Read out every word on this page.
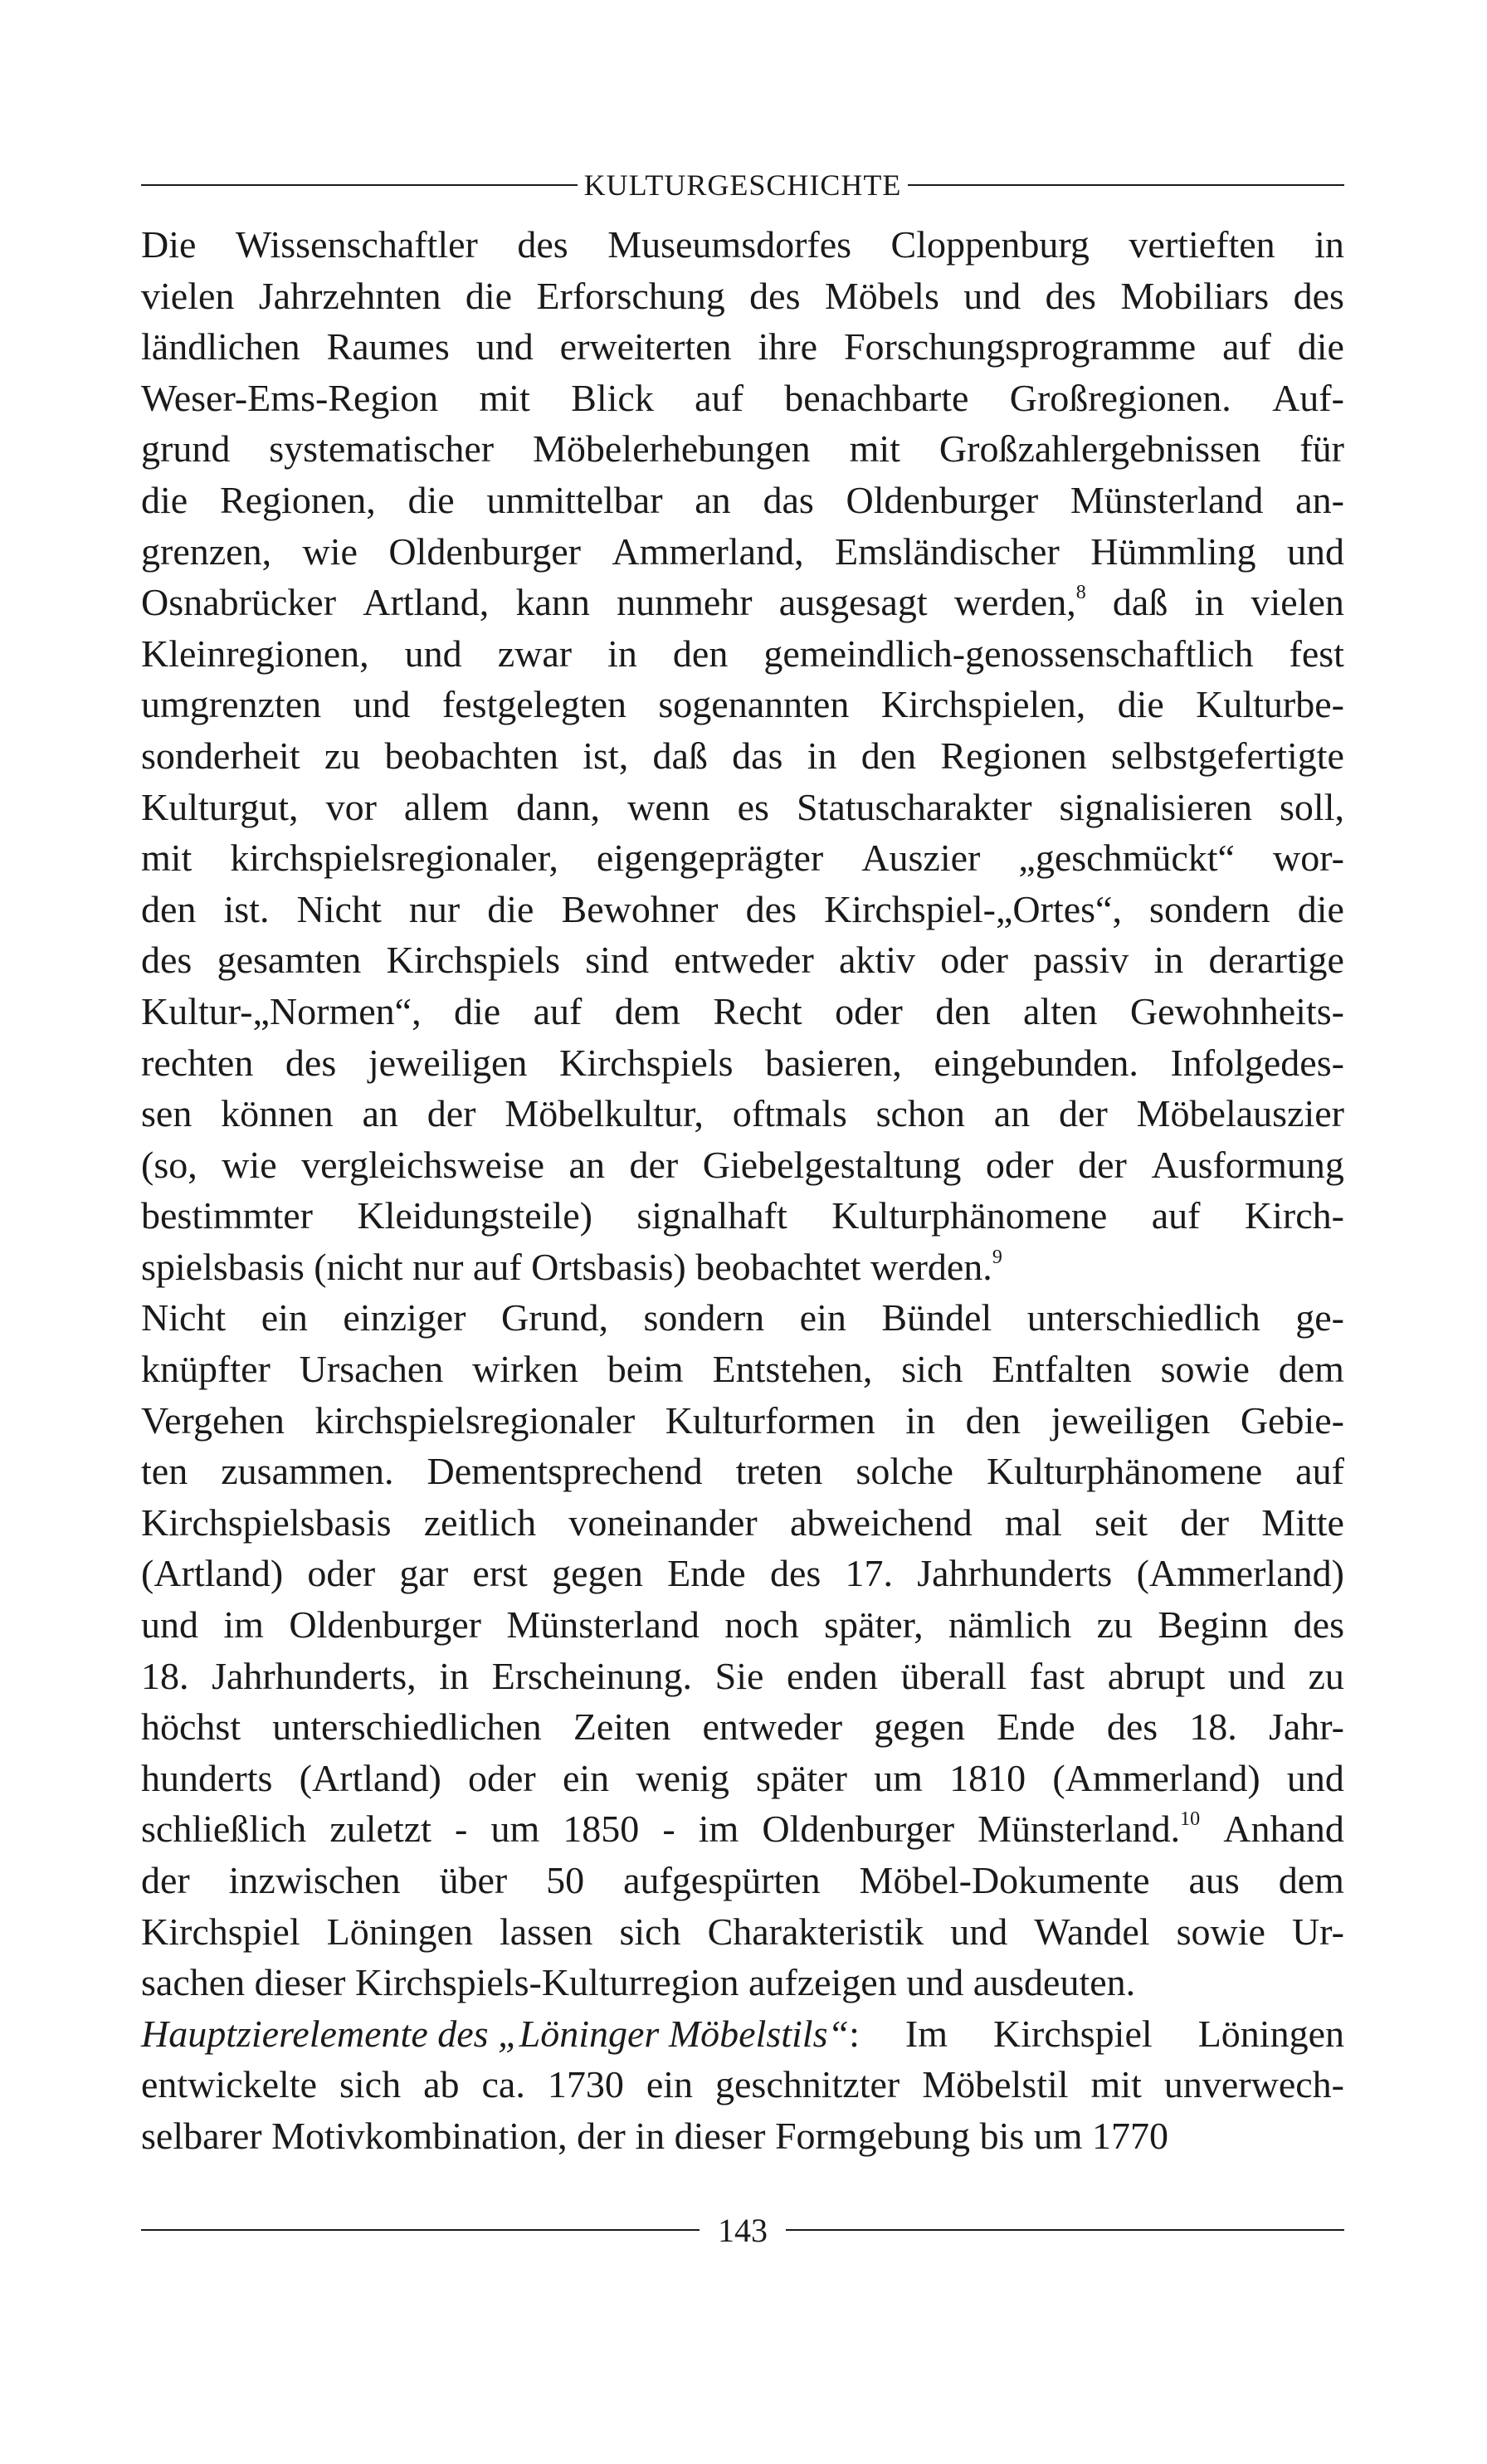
KULTURGESCHICHTE
Die Wissenschaftler des Museumsdorfes Cloppenburg vertieften in
vielen Jahrzehnten die Erforschung des Möbels und des Mobiliars des
ländlichen Raumes und erweiterten ihre Forschungsprogramme auf die
Weser-Ems-Region mit Blick auf benachbarte Großregionen. Auf-
grund systematischer Möbelerhebungen mit Großzahlergebnissen für
die Regionen, die unmittelbar an das Oldenburger Münsterland an-
grenzen, wie Oldenburger Ammerland, Emsländischer Hümmling und
Osnabrücker Artland, kann nunmehr ausgesagt werden,$^8$ daß in vielen
Kleinregionen, und zwar in den gemeindlich-genossenschaftlich fest
umgrenzten und festgelegten sogenannten Kirchspielen, die Kulturbe-
sonderheit zu beobachten ist, daß das in den Regionen selbstgefertigte
Kulturgut, vor allem dann, wenn es Statuscharakter signalisieren soll,
mit kirchspielsregionaler, eigengeprägter Auszier „geschmückt“ wor-
den ist. Nicht nur die Bewohner des Kirchspiel-„Ortes“, sondern die
des gesamten Kirchspiels sind entweder aktiv oder passiv in derartige
Kultur-„Normen“, die auf dem Recht oder den alten Gewohnheits-
rechten des jeweiligen Kirchspiels basieren, eingebunden. Infolgedes-
sen können an der Möbelkultur, oftmals schon an der Möbelauszier
(so, wie vergleichsweise an der Giebelgestaltung oder der Ausformung
bestimmter Kleidungsteile) signalhaft Kulturphänomene auf Kirch-
spielsbasis (nicht nur auf Ortsbasis) beobachtet werden.$^9$
Nicht ein einziger Grund, sondern ein Bündel unterschiedlich ge-
knüpfter Ursachen wirken beim Entstehen, sich Entfalten sowie dem
Vergehen kirchspielsregionaler Kulturformen in den jeweiligen Gebie-
ten zusammen. Dementsprechend treten solche Kulturphänomene auf
Kirchspielsbasis zeitlich voneinander abweichend mal seit der Mitte
(Artland) oder gar erst gegen Ende des 17. Jahrhunderts (Ammerland)
und im Oldenburger Münsterland noch später, nämlich zu Beginn des
18. Jahrhunderts, in Erscheinung. Sie enden überall fast abrupt und zu
höchst unterschiedlichen Zeiten entweder gegen Ende des 18. Jahr-
hunderts (Artland) oder ein wenig später um 1810 (Ammerland) und
schließlich zuletzt - um 1850 - im Oldenburger Münsterland.$^{10}$ Anhand
der inzwischen über 50 aufgespürten Möbel-Dokumente aus dem
Kirchspiel Löningen lassen sich Charakteristik und Wandel sowie Ur-
sachen dieser Kirchspiels-Kulturregion aufzeigen und ausdeuten.
Hauptzierelemente des „Löninger Möbelstils“: Im Kirchspiel Löningen
entwickelte sich ab ca. 1730 ein geschnitzter Möbelstil mit unverwech-
selbarer Motivkombination, der in dieser Formgebung bis um 1770
143
